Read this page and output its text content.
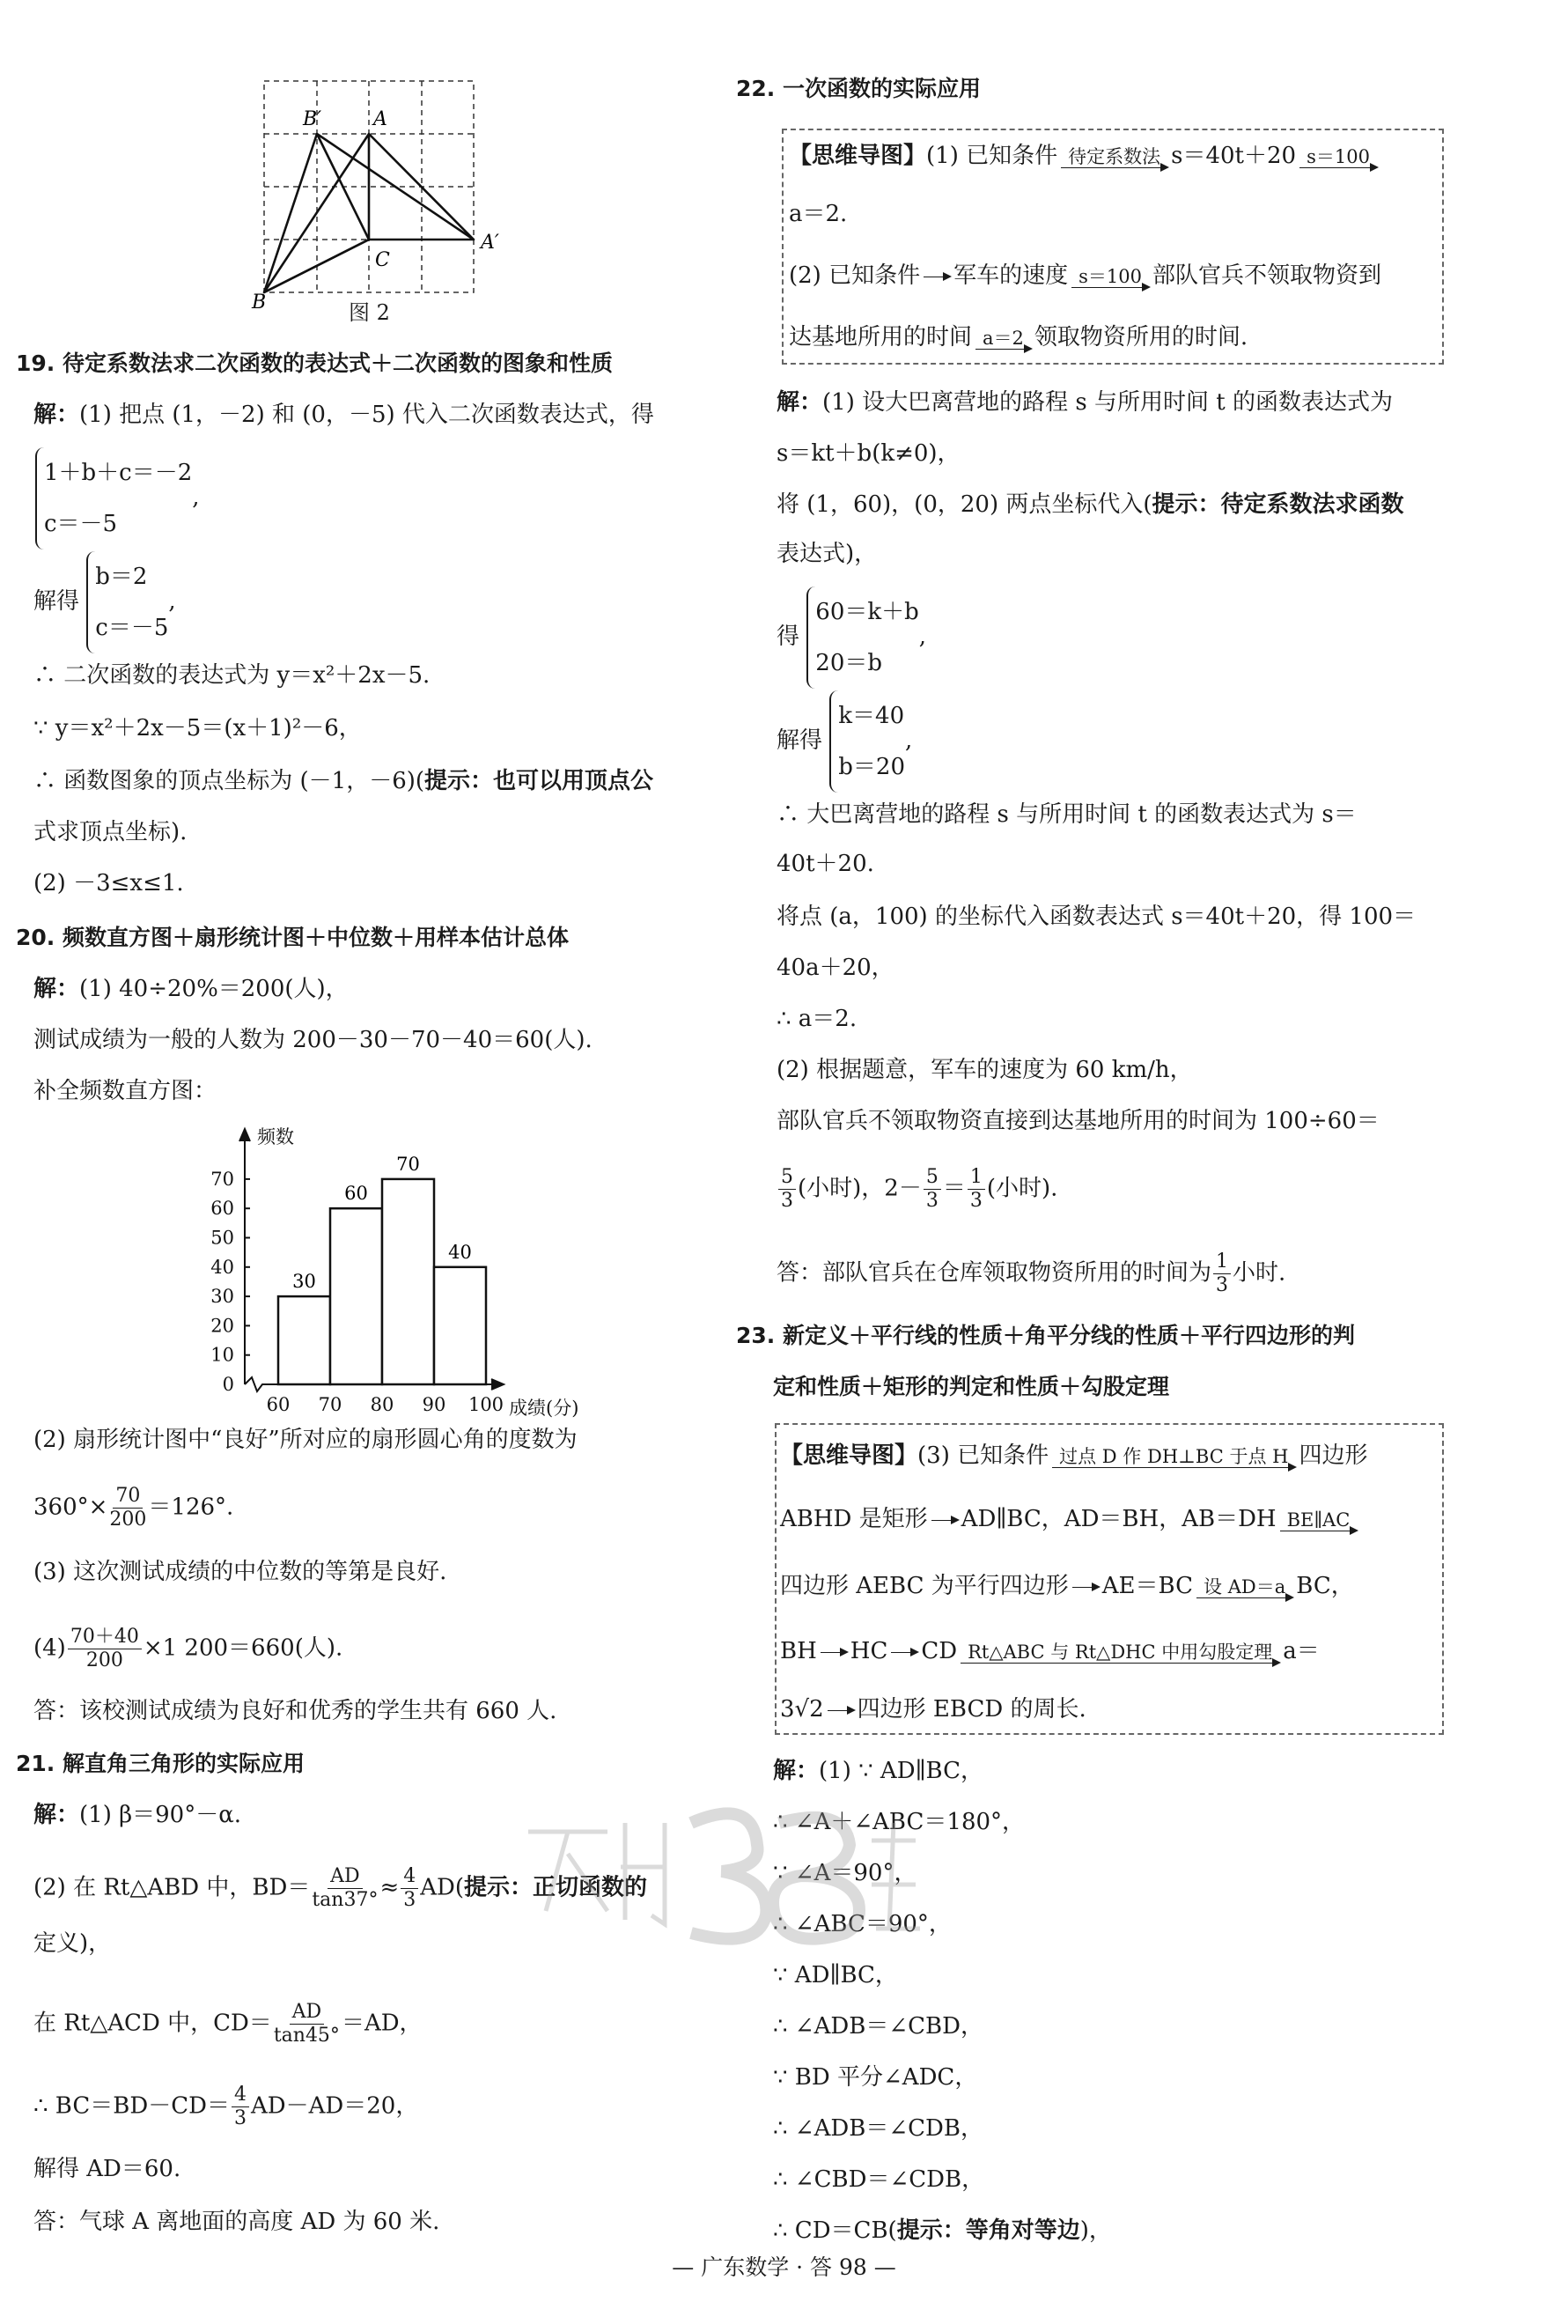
B′	A
C
A′
B	图 2
19. 待定系数法求二次函数的表达式＋二次函数的图象和性质
解：(1) 把点 (1，－2) 和 (0，－5) 代入二次函数表达式，得
1＋b＋c＝－2
c＝－5
,
解得
b＝2
c＝－5
,
∴ 二次函数的表达式为 y＝x²＋2x－5.
∵ y＝x²＋2x－5＝(x＋1)²－6，
∴ 函数图象的顶点坐标为 (－1，－6)(提示：也可以用顶点公
式求顶点坐标).
(2) －3≤x≤1.
20. 频数直方图＋扇形统计图＋中位数＋用样本估计总体
解：(1) 40÷20%＝200(人)，
测试成绩为一般的人数为 200－30－70－40＝60(人).
补全频数直方图：
30
60
70
40
0
10
20
30
40
50
60
70
60 70 80 90 100
频数
成绩(分)
(2) 扇形统计图中“良好”所对应的扇形圆心角的度数为
$360^\circ\times \frac{70}{200} =126^\circ$.
(3) 这次测试成绩的中位数的等第是良好.
$(4) \frac{70+40}{200} \times 1$ 200＝660(人).
答：该校测试成绩为良好和优秀的学生共有 660 人.
21. 解直角三角形的实际应用
解：(1) β＝90°－α.
(2) 在 Rt△ABD 中，$BD= \frac{AD}{\tan 37^\circ} \approx \frac{4}{3} AD$(提示：正切函数的
定义)，
在 Rt△ACD 中，$CD= \frac{AD}{\tan 45^\circ} =AD$，
∴ $BC=BD-CD= \frac{4}{3} AD-AD=20$，
解得 AD＝60.
答：气球 A 离地面的高度 AD 为 60 米.
22. 一次函数的实际应用
【思维导图】(1) 已知条件 待定系数法 s＝40t＋20 s＝100
a＝2.
(2) 已知条件 军车的速度 s＝100 部队官兵不领取物资到
达基地所用的时间 a＝2 领取物资所用的时间.
解：(1) 设大巴离营地的路程 s 与所用时间 t 的函数表达式为
s＝kt＋b(k≠0)，
将 (1，60)，(0，20) 两点坐标代入(提示：待定系数法求函数
表达式)，
得
60＝k＋b
20＝b
,
解得
k＝40
b＝20
,
∴ 大巴离营地的路程 s 与所用时间 t 的函数表达式为 s＝
40t＋20.
将点 (a，100) 的坐标代入函数表达式 s＝40t＋20，得 100＝
40a＋20，
∴ a＝2.
(2) 根据题意，军车的速度为 60 km/h，
部队官兵不领取物资直接到达基地所用的时间为 100÷60＝
$\frac{5}{3}$ (小时)，$2- \frac{5}{3} = \frac{1}{3}$ (小时).
答：部队官兵在仓库领取物资所用的时间为 $\frac{1}{3}$ 小时.
23. 新定义＋平行线的性质＋角平分线的性质＋平行四边形的判
定和性质＋矩形的判定和性质＋勾股定理
【思维导图】(3) 已知条件 过点 D 作 DH⊥BC 于点 H 四边形
ABHD 是矩形 AD∥BC，AD＝BH，AB＝DH BE∥AC
四边形 AEBC 为平行四边形 AE＝BC 设 AD＝a BC，
BH HC CD Rt△ABC 与 Rt△DHC 中用勾股定理 a＝
3√2 四边形 EBCD 的周长.
解：(1) ∵ AD∥BC，
∴ ∠A＋∠ABC＝180°，
∵ ∠A＝90°，
∴ ∠ABC＝90°，
∵ AD∥BC，
∴ ∠ADB＝∠CBD，
∵ BD 平分∠ADC，
∴ ∠ADB＝∠CDB，
∴ ∠CBD＝∠CDB，
∴ CD＝CB(提示：等角对等边)，
— 广东数学 · 答 98 —
